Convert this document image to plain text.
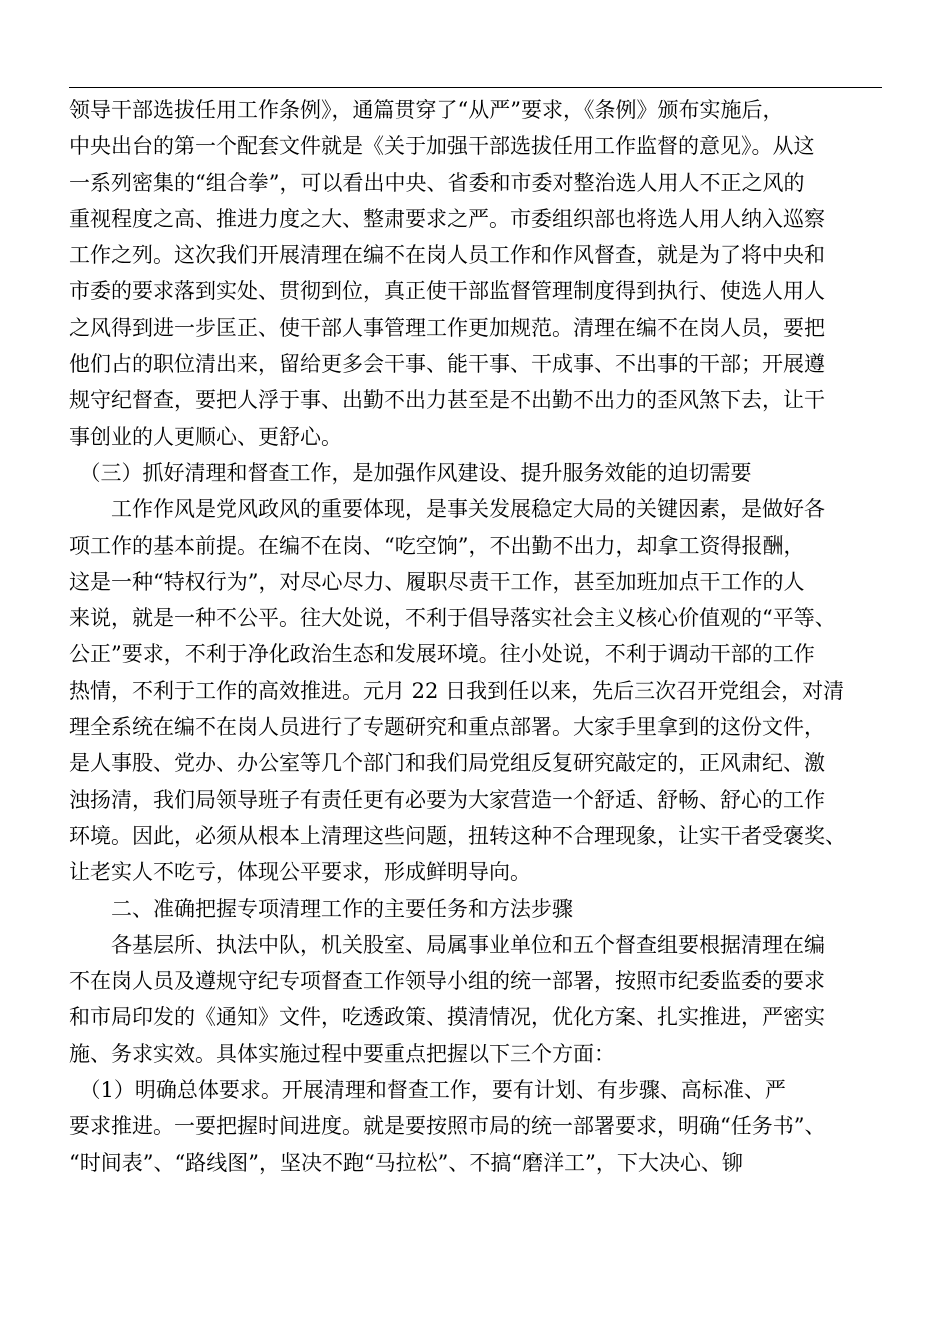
领导干部选拔任用工作条例》，通篇贯穿了“从严”要求，《条例》颁布实施后，
中央出台的第一个配套文件就是《关于加强干部选拔任用工作监督的意见》。从这
一系列密集的“组合拳”，可以看出中央、省委和市委对整治选人用人不正之风的
重视程度之高、推进力度之大、整肃要求之严。市委组织部也将选人用人纳入巡察
工作之列。这次我们开展清理在编不在岗人员工作和作风督查，就是为了将中央和
市委的要求落到实处、贯彻到位，真正使干部监督管理制度得到执行、使选人用人
之风得到进一步匡正、使干部人事管理工作更加规范。清理在编不在岗人员，要把
他们占的职位清出来，留给更多会干事、能干事、干成事、不出事的干部；开展遵
规守纪督查，要把人浮于事、出勤不出力甚至是不出勤不出力的歪风煞下去，让干
事创业的人更顺心、更舒心。
　（三）抓好清理和督查工作，是加强作风建设、提升服务效能的迫切需要
　　工作作风是党风政风的重要体现，是事关发展稳定大局的关键因素，是做好各
项工作的基本前提。在编不在岗、“吃空饷”，不出勤不出力，却拿工资得报酬，
这是一种“特权行为”，对尽心尽力、履职尽责干工作，甚至加班加点干工作的人
来说，就是一种不公平。往大处说，不利于倡导落实社会主义核心价值观的“平等、
公正”要求，不利于净化政治生态和发展环境。往小处说，不利于调动干部的工作
热情，不利于工作的高效推进。元月 22 日我到任以来，先后三次召开党组会，对清
理全系统在编不在岗人员进行了专题研究和重点部署。大家手里拿到的这份文件，
是人事股、党办、办公室等几个部门和我们局党组反复研究敲定的，正风肃纪、激
浊扬清，我们局领导班子有责任更有必要为大家营造一个舒适、舒畅、舒心的工作
环境。因此，必须从根本上清理这些问题，扭转这种不合理现象，让实干者受褒奖、
让老实人不吃亏，体现公平要求，形成鲜明导向。
　　二、准确把握专项清理工作的主要任务和方法步骤
　　各基层所、执法中队，机关股室、局属事业单位和五个督查组要根据清理在编
不在岗人员及遵规守纪专项督查工作领导小组的统一部署，按照市纪委监委的要求
和市局印发的《通知》文件，吃透政策、摸清情况，优化方案、扎实推进，严密实
施、务求实效。具体实施过程中要重点把握以下三个方面：
　（1）明确总体要求。开展清理和督查工作，要有计划、有步骤、高标准、严
要求推进。一要把握时间进度。就是要按照市局的统一部署要求，明确“任务书”、
“时间表”、“路线图”，坚决不跑“马拉松”、不搞“磨洋工”，下大决心、铆
